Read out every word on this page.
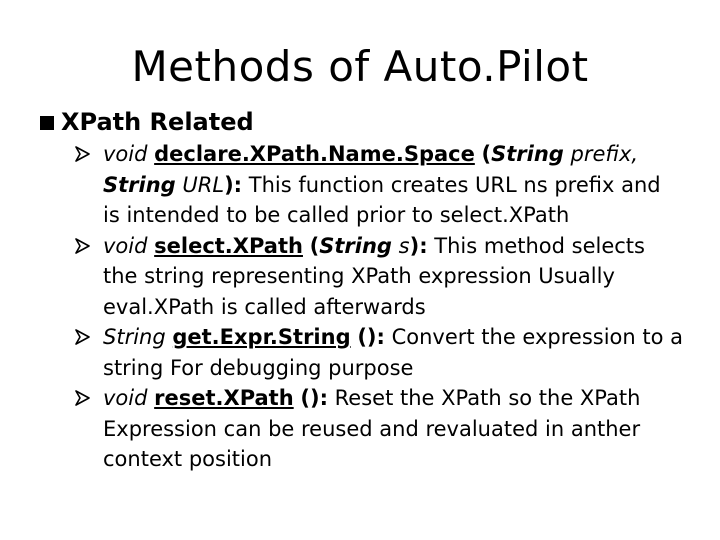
Methods of Auto.Pilot
XPath Related
void declare.XPath.Name.Space (String prefix,
String URL): This function creates URL ns prefix and
is intended to be called prior to select.XPath
void select.XPath (String s): This method selects
the string representing XPath expression Usually
eval.XPath is called afterwards
String get.Expr.String (): Convert the expression to a
string For debugging purpose
void reset.XPath (): Reset the XPath so the XPath
Expression can be reused and revaluated in anther
context position
